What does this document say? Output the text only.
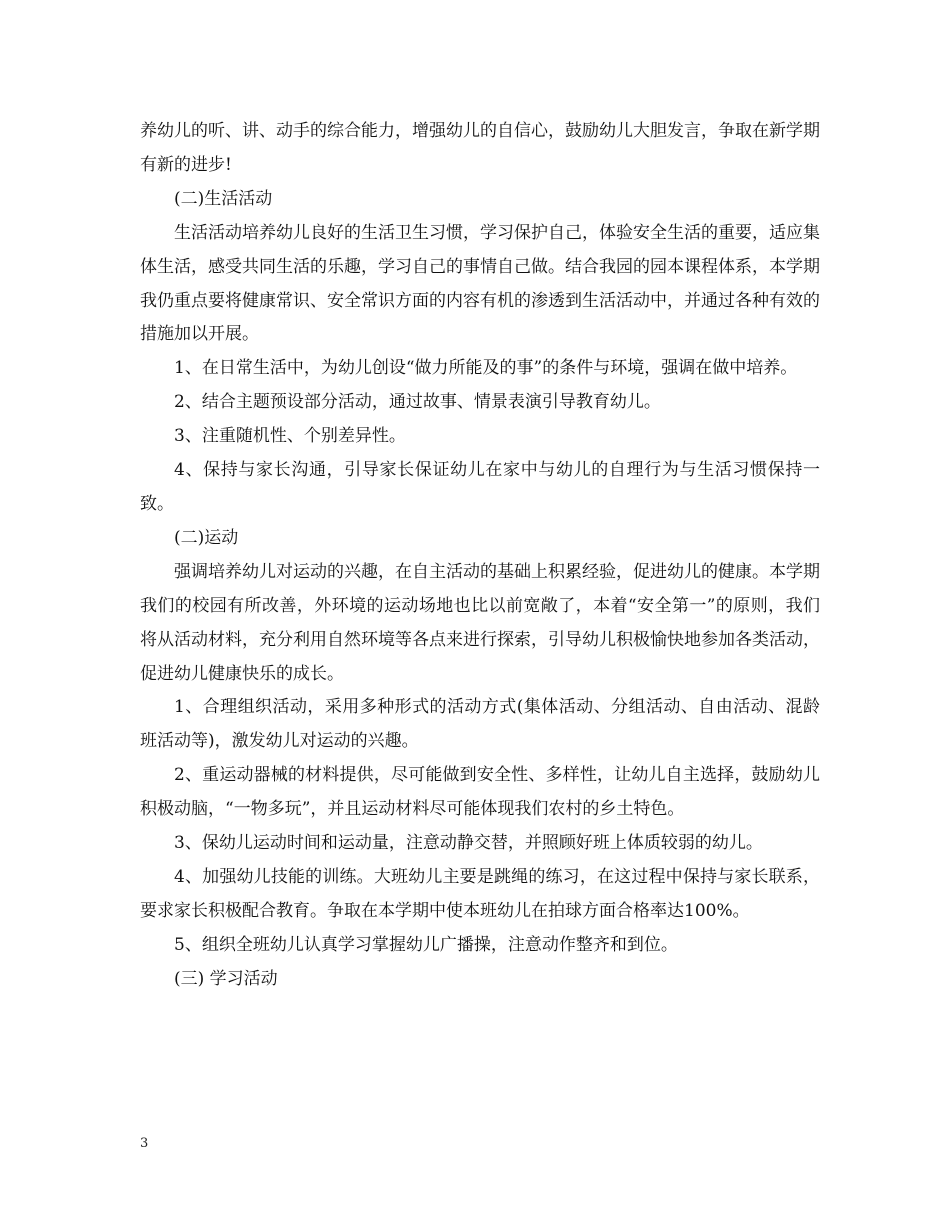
养幼儿的听、讲、动手的综合能力，增强幼儿的自信心，鼓励幼儿大胆发言，争取在新学期有新的进步!

(二)生活活动

生活活动培养幼儿良好的生活卫生习惯，学习保护自己，体验安全生活的重要，适应集体生活，感受共同生活的乐趣，学习自己的事情自己做。结合我园的园本课程体系，本学期我仍重点要将健康常识、安全常识方面的内容有机的渗透到生活活动中，并通过各种有效的措施加以开展。

1、在日常生活中，为幼儿创设“做力所能及的事”的条件与环境，强调在做中培养。

2、结合主题预设部分活动，通过故事、情景表演引导教育幼儿。

3、注重随机性、个别差异性。

4、保持与家长沟通，引导家长保证幼儿在家中与幼儿的自理行为与生活习惯保持一致。

(二)运动

强调培养幼儿对运动的兴趣，在自主活动的基础上积累经验，促进幼儿的健康。本学期我们的校园有所改善，外环境的运动场地也比以前宽敞了，本着“安全第一”的原则，我们将从活动材料，充分利用自然环境等各点来进行探索，引导幼儿积极愉快地参加各类活动，促进幼儿健康快乐的成长。

1、合理组织活动，采用多种形式的活动方式(集体活动、分组活动、自由活动、混龄班活动等)，激发幼儿对运动的兴趣。

2、重运动器械的材料提供，尽可能做到安全性、多样性，让幼儿自主选择，鼓励幼儿积极动脑，“一物多玩”，并且运动材料尽可能体现我们农村的乡土特色。

3、保幼儿运动时间和运动量，注意动静交替，并照顾好班上体质较弱的幼儿。

4、加强幼儿技能的训练。大班幼儿主要是跳绳的练习，在这过程中保持与家长联系，要求家长积极配合教育。争取在本学期中使本班幼儿在拍球方面合格率达100%。

5、组织全班幼儿认真学习掌握幼儿广播操，注意动作整齐和到位。

(三) 学习活动

3
